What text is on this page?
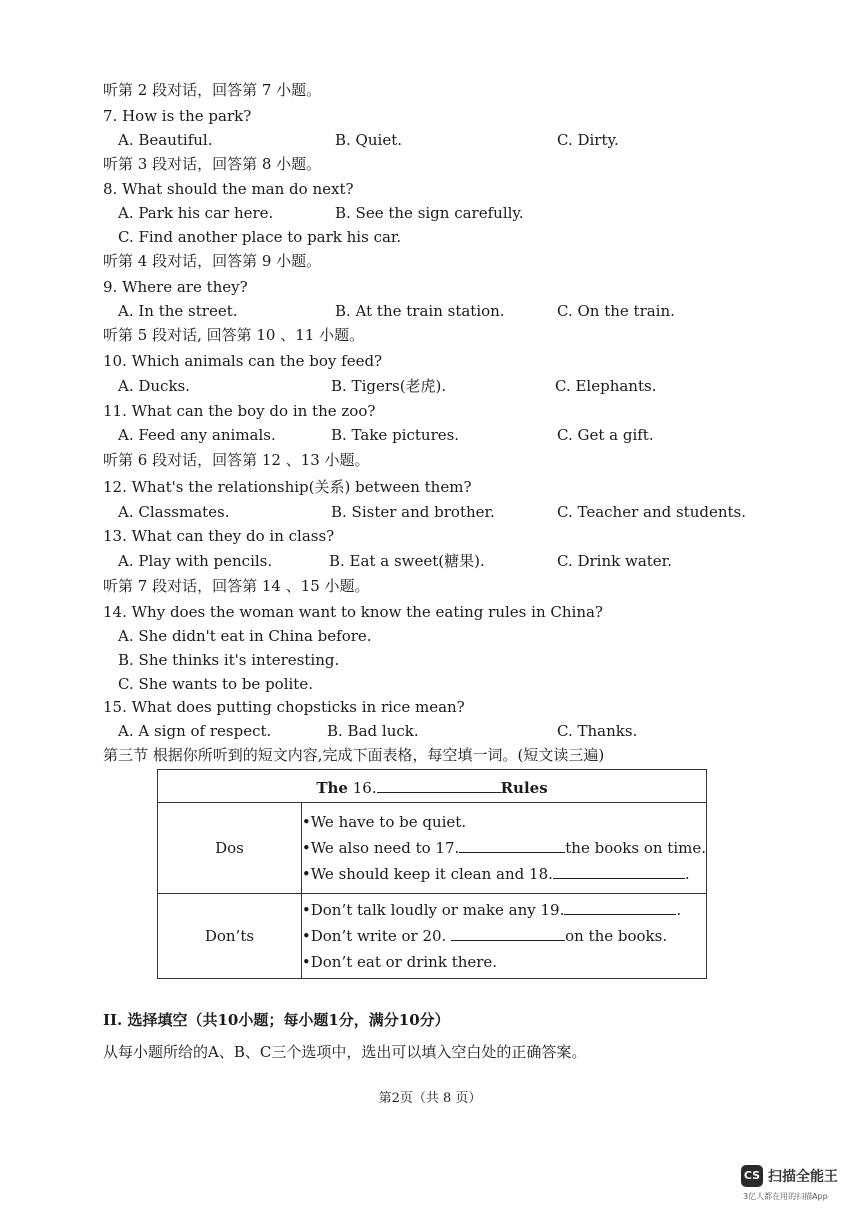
听第 2 段对话，回答第 7 小题。
7. How is the park?
A. Beautiful.	B. Quiet.	C. Dirty.
听第 3 段对话，回答第 8 小题。
8. What should the man do next?
A. Park his car here.	B. See the sign carefully.
C. Find another place to park his car.
听第 4 段对话，回答第 9 小题。
9. Where are they?
A. In the street.	B. At the train station.	C. On the train.
听第 5 段对话, 回答第 10 、11 小题。
10. Which animals can the boy feed?
A. Ducks.	B. Tigers(老虎).	C. Elephants.
11. What can the boy do in the zoo?
A. Feed any animals.	B. Take pictures.	C. Get a gift.
听第 6 段对话，回答第 12 、13 小题。
12. What's the relationship(关系) between them?
A. Classmates.	B. Sister and brother.	C. Teacher and students.
13. What can they do in class?
A. Play with pencils.	B. Eat a sweet(糖果).	C. Drink water.
听第 7 段对话，回答第 14 、15 小题。
14. Why does the woman want to know the eating rules in China?
A. She didn't eat in China before.
B. She thinks it's interesting.
C. She wants to be polite.
15. What does putting chopsticks in rice mean?
A. A sign of respect.	B. Bad luck.	C. Thanks.
第三节 根据你所听到的短文内容,完成下面表格，每空填一词。(短文读三遍)
The 16. Rules	
Dos	•We have to be quiet.
•We also need to 17. the books on time.
•We should keep it clean and 18. .

Don’ts	•Don’t talk loudly or make any 19. .
•Don’t write or 20. on the books.
•Don’t eat or drink there.
II. 选择填空（共10小题；每小题1分，满分10分）
从每小题所给的A、B、C三个选项中，选出可以填入空白处的正确答案。
第2页（共 8 页）
CS 扫描全能王
3亿人都在用的扫描App
